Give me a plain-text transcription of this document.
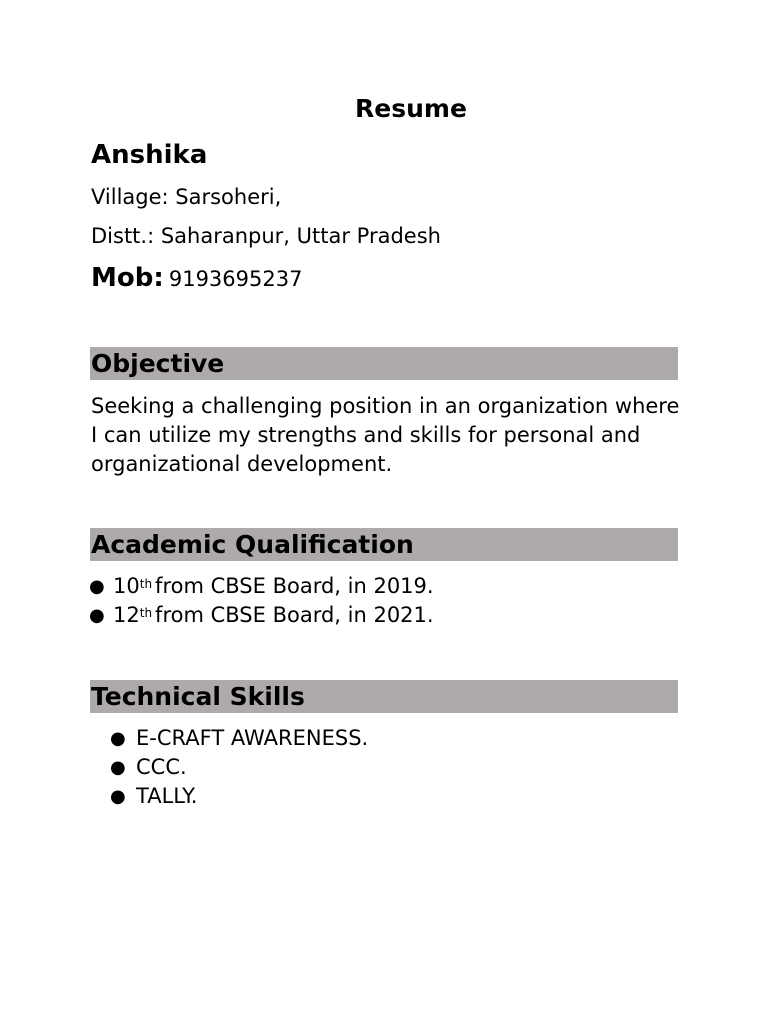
Resume
Anshika
Village: Sarsoheri,
Distt.: Saharanpur, Uttar Pradesh
Mob: 9193695237
Objective
Seeking a challenging position in an organization where I can utilize my strengths and skills for personal and organizational development.
Academic Qualification
● 10th from CBSE Board, in 2019.
● 12th from CBSE Board, in 2021.
Technical Skills
● E-CRAFT AWARENESS.
● CCC.
● TALLY.
